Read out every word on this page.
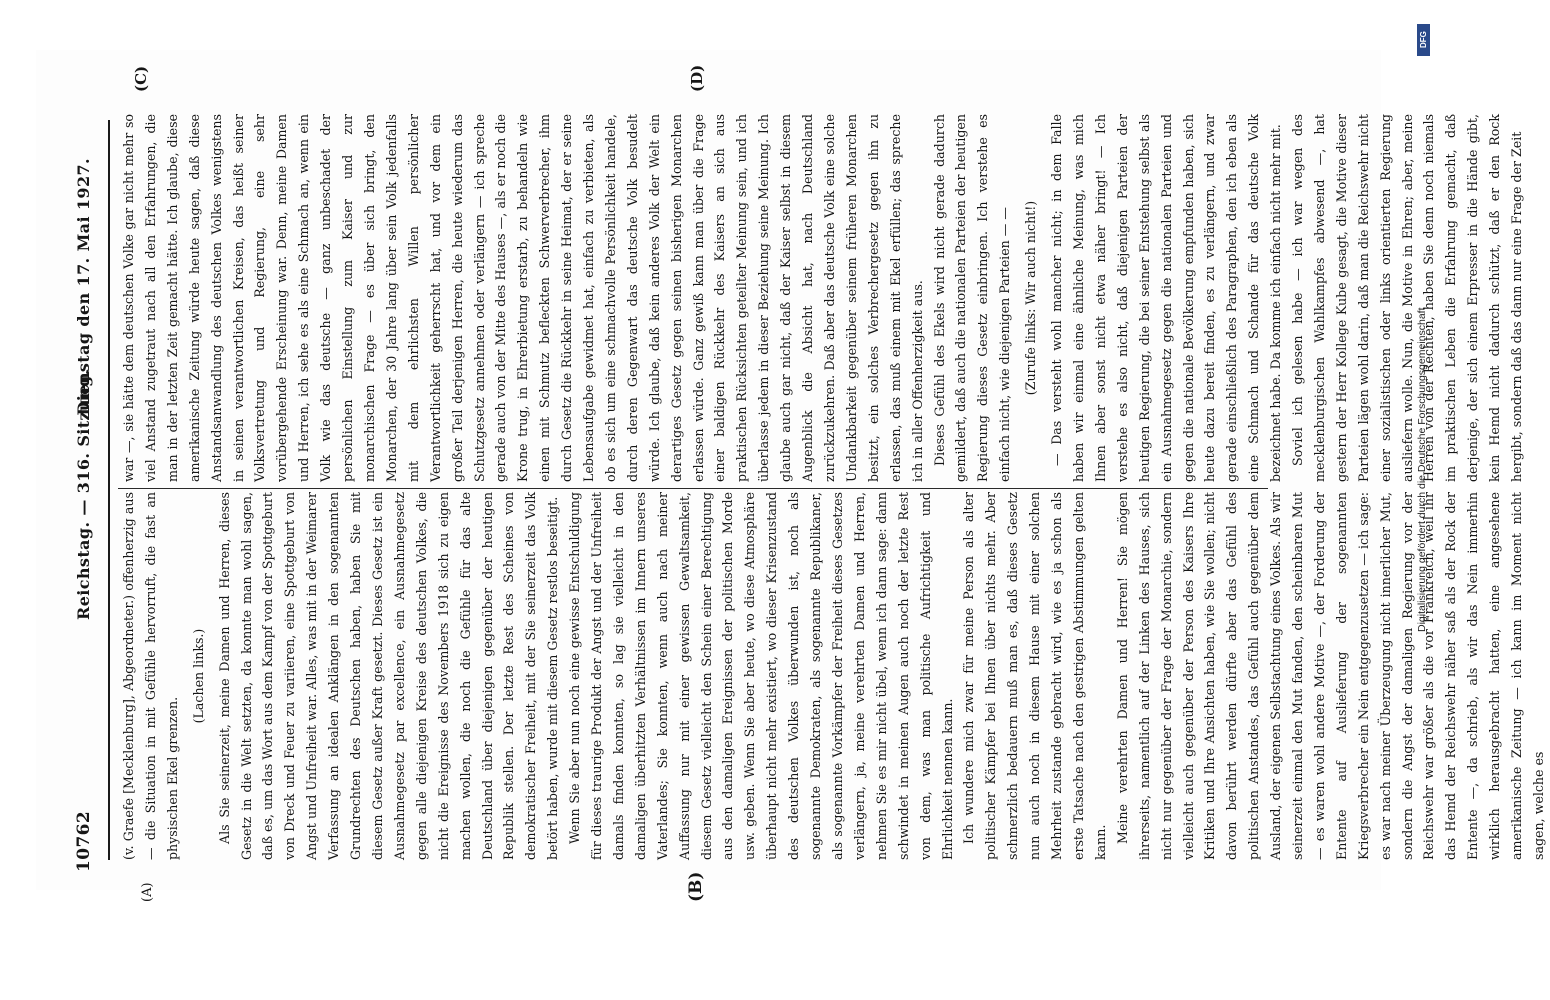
10762
Reichstag. — 316. Sitzung.
Dienstag den 17. Mai 1927.
(A)	(B)
(C)	(D)

(v. Graefe [Mecklenburg], Abgeordneter.) offenherzig aus — die Situation in mit Gefühle hervorruft, die fast an physischen Ekel grenzen.

(Lachen links.) Als Sie seinerzeit, meine Damen und Herren, dieses Gesetz in die Welt setzten, da konnte man wohl sagen, daß es, um das Wort aus dem Kampf von der Spottgeburt von Dreck und Feuer zu variieren, eine Spottgeburt von Angst und Unfreiheit war. Alles, was mit in der Weimarer Verfassung an idealen Anklängen in den sogenannten Grundrechten des Deutschen haben, haben Sie mit diesem Gesetz außer Kraft gesetzt. Dieses Gesetz ist ein Ausnahmegesetz par excellence, ein Ausnahmegesetz gegen alle diejenigen Kreise des deutschen Volkes, die nicht die Ereignisse des Novembers 1918 sich zu eigen machen wollen, die noch die Gefühle für das alte Deutschland über diejenigen gegenüber der heutigen Republik stellen. Der letzte Rest des Scheines von demokratischer Freiheit, mit der Sie seinerzeit das Volk betört haben, wurde mit diesem Gesetz restlos beseitigt. Wenn Sie aber nun noch eine gewisse Entschuldigung für dieses traurige Produkt der Angst und der Unfreiheit damals finden konnten, so lag sie vielleicht in den damaligen überhitzten Verhältnissen im Innern unseres Vaterlandes; Sie konnten, wenn auch nach meiner Auffassung nur mit einer gewissen Gewaltsamkeit, diesem Gesetz vielleicht den Schein einer Berechtigung aus den damaligen Ereignissen der politischen Morde usw. geben. Wenn Sie aber heute, wo diese Atmosphäre überhaupt nicht mehr existiert, wo dieser Krisenzustand des deutschen Volkes überwunden ist, noch als sogenannte Demokraten, als sogenannte Republikaner, als sogenannte Vorkämpfer der Freiheit dieses Gesetzes verlängern, ja, meine verehrten Damen und Herren, nehmen Sie es mir nicht übel, wenn ich dann sage: dann schwindet in meinen Augen auch noch der letzte Rest von dem, was man politische Aufrichtigkeit und Ehrlichkeit nennen kann. Ich wundere mich zwar für meine Person als alter politischer Kämpfer bei Ihnen über nichts mehr. Aber schmerzlich bedauern muß man es, daß dieses Gesetz nun auch noch in diesem Hause mit einer solchen Mehrheit zustande gebracht wird, wie es ja schon als erste Tatsache nach den gestrigen Abstimmungen gelten kann. Meine verehrten Damen und Herren! Sie mögen ihrerseits, namentlich auf der Linken des Hauses, sich nicht nur gegenüber der Frage der Monarchie, sondern vielleicht auch gegenüber der Person des Kaisers Ihre Kritiken und Ihre Ansichten haben, wie Sie wollen; nicht davon berührt werden dürfte aber das Gefühl des politischen Anstandes, das Gefühl auch gegenüber dem Ausland, der eigenen Selbstachtung eines Volkes. Als wir seinerzeit einmal den Mut fanden, den scheinbaren Mut — es waren wohl andere Motive —, der Forderung der Entente auf Auslieferung der sogenannten Kriegsverbrecher ein Nein entgegenzusetzen — ich sage: es war nach meiner Überzeugung nicht innerlicher Mut, sondern die Angst der damaligen Regierung vor der Reichswehr war größer als die vor Frankreich, weil ihr das Hemd der Reichswehr näher saß als der Rock der Entente —, da schrieb, als wir das Nein immerhin wirklich herausgebracht hatten, eine angesehene amerikanische Zeitung — ich kann im Moment nicht sagen, welche es

war —, sie hätte dem deutschen Volke gar nicht mehr so viel Anstand zugetraut nach all den Erfahrungen, die man in der letzten Zeit gemacht hätte. Ich glaube, diese amerikanische Zeitung würde heute sagen, daß diese Anstandsanwandlung des deutschen Volkes wenigstens in seinen verantwortlichen Kreisen, das heißt seiner Volksvertretung und Regierung, eine sehr vorübergehende Erscheinung war. Denn, meine Damen und Herren, ich sehe es als eine Schmach an, wenn ein Volk wie das deutsche — ganz unbeschadet der persönlichen Einstellung zum Kaiser und zur monarchischen Frage — es über sich bringt, den Monarchen, der 30 Jahre lang über sein Volk jedenfalls mit dem ehrlichsten Willen persönlicher Verantwortlichkeit geherrscht hat, und vor dem ein großer Teil derjenigen Herren, die heute wiederum das Schutzgesetz annehmen oder verlängern — ich spreche gerade auch von der Mitte des Hauses —, als er noch die Krone trug, in Ehrerbietung erstarb, zu behandeln wie einen mit Schmutz befleckten Schwerverbrecher, ihm durch Gesetz die Rückkehr in seine Heimat, der er seine Lebensaufgabe gewidmet hat, einfach zu verbieten, als ob es sich um eine schmachvolle Persönlichkeit handele, durch deren Gegenwart das deutsche Volk besudelt würde. Ich glaube, daß kein anderes Volk der Welt ein derartiges Gesetz gegen seinen bisherigen Monarchen erlassen würde. Ganz gewiß kann man über die Frage einer baldigen Rückkehr des Kaisers an sich aus praktischen Rücksichten geteilter Meinung sein, und ich überlasse jedem in dieser Beziehung seine Meinung. Ich glaube auch gar nicht, daß der Kaiser selbst in diesem Augenblick die Absicht hat, nach Deutschland zurückzukehren. Daß aber das deutsche Volk eine solche Undankbarkeit gegenüber seinem früheren Monarchen besitzt, ein solches Verbrechergesetz gegen ihn zu erlassen, das muß einem mit Ekel erfüllen; das spreche ich in aller Offenherzigkeit aus. Dieses Gefühl des Ekels wird nicht gerade dadurch gemildert, daß auch die nationalen Parteien der heutigen Regierung dieses Gesetz einbringen. Ich verstehe es einfach nicht, wie diejenigen Parteien — — (Zurufe links: Wir auch nicht!) — Das versteht wohl mancher nicht; in dem Falle haben wir einmal eine ähnliche Meinung, was mich Ihnen aber sonst nicht etwa näher bringt! — Ich verstehe es also nicht, daß diejenigen Parteien der heutigen Regierung, die bei seiner Entstehung selbst als ein Ausnahmegesetz gegen die nationalen Parteien und gegen die nationale Bevölkerung empfunden haben, sich heute dazu bereit finden, es zu verlängern, und zwar gerade einschließlich des Paragraphen, den ich eben als eine Schmach und Schande für das deutsche Volk bezeichnet habe. Da komme ich einfach nicht mehr mit. Soviel ich gelesen habe — ich war wegen des mecklenburgischen Wahlkampfes abwesend —, hat gestern der Herr Kollege Kube gesagt, die Motive dieser Parteien lägen wohl darin, daß man die Reichswehr nicht einer sozialistischen oder links orientierten Regierung ausliefern wolle. Nun, die Motive in Ehren; aber, meine Herren von der Rechten, haben Sie denn noch niemals im praktischen Leben die Erfahrung gemacht, daß derjenige, der sich einem Erpresser in die Hände gibt, kein Hemd nicht dadurch schützt, daß er den Rock hergibt, sondern daß das dann nur eine Frage der Zeit

DFG
Digitalisierung gefördert durch die Deutsche Forschungsgemeinschaft
